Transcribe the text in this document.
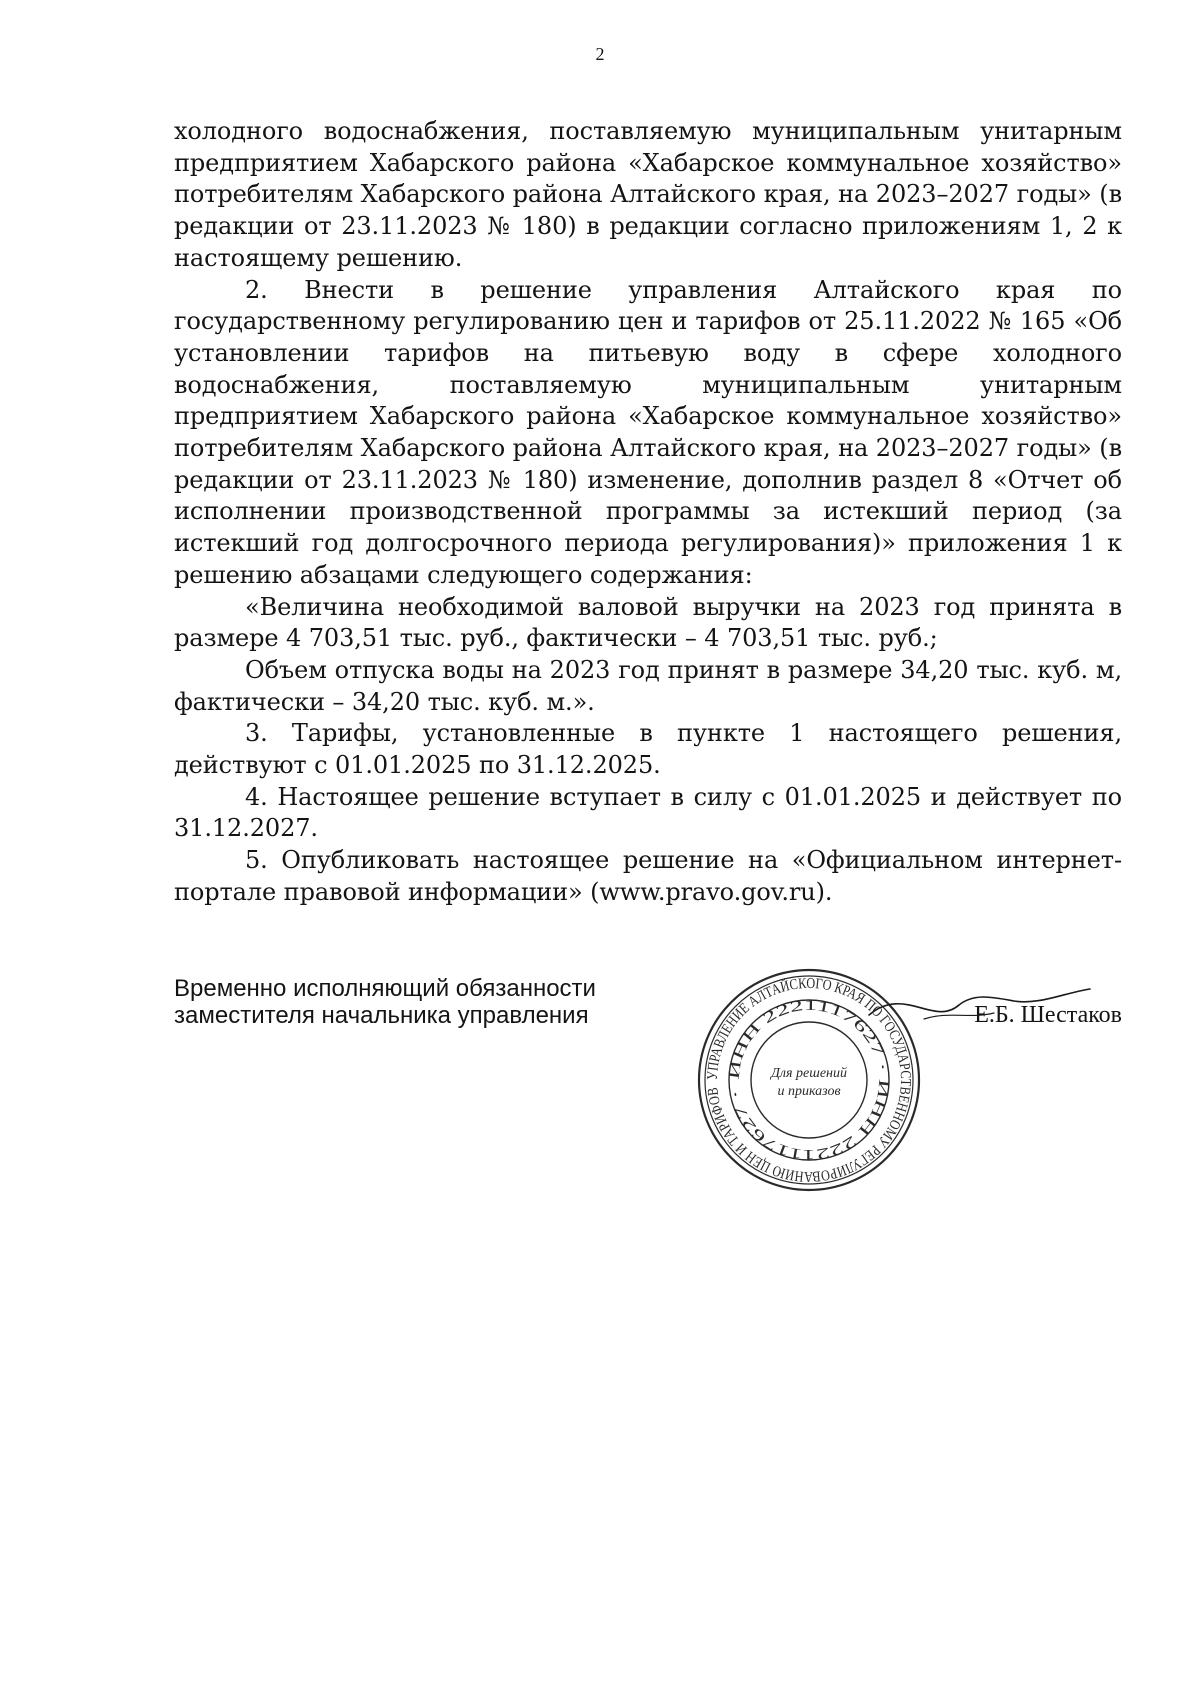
2

холодного водоснабжения, поставляемую муниципальным унитарным предприятием Хабарского района «Хабарское коммунальное хозяйство» потребителям Хабарского района Алтайского края, на 2023–2027 годы» (в редакции от 23.11.2023 № 180) в редакции согласно приложениям 1, 2 к настоящему решению.

2. Внести в решение управления Алтайского края по государственному регулированию цен и тарифов от 25.11.2022 № 165 «Об установлении тарифов на питьевую воду в сфере холодного водоснабжения, поставляемую муниципальным унитарным предприятием Хабарского района «Хабарское коммунальное хозяйство» потребителям Хабарского района Алтайского края, на 2023–2027 годы» (в редакции от 23.11.2023 № 180) изменение, дополнив раздел 8 «Отчет об исполнении производственной программы за истекший период (за истекший год долгосрочного периода регулирования)» приложения 1 к решению абзацами следующего содержания:

«Величина необходимой валовой выручки на 2023 год принята в размере 4 703,51 тыс. руб., фактически – 4 703,51 тыс. руб.;

Объем отпуска воды на 2023 год принят в размере 34,20 тыс. куб. м, фактически – 34,20 тыс. куб. м.».

3. Тарифы, установленные в пункте 1 настоящего решения, действуют с 01.01.2025 по 31.12.2025.

4. Настоящее решение вступает в силу с 01.01.2025 и действует по 31.12.2027.

5. Опубликовать настоящее решение на «Официальном интернет-портале правовой информации» (www.pravo.gov.ru).

Временно исполняющий обязанности
заместителя начальника управления
УПРАВЛЕНИЕ АЛТАЙСКОГО КРАЯ ПО ГОСУДАРСТВЕННОМУ РЕГУЛИРОВАНИЮ ЦЕН И ТАРИФОВ
ИНН 2221117627 · ИНН 2221117627 ·
Для решений
и приказов
Е.Б. Шестаков
